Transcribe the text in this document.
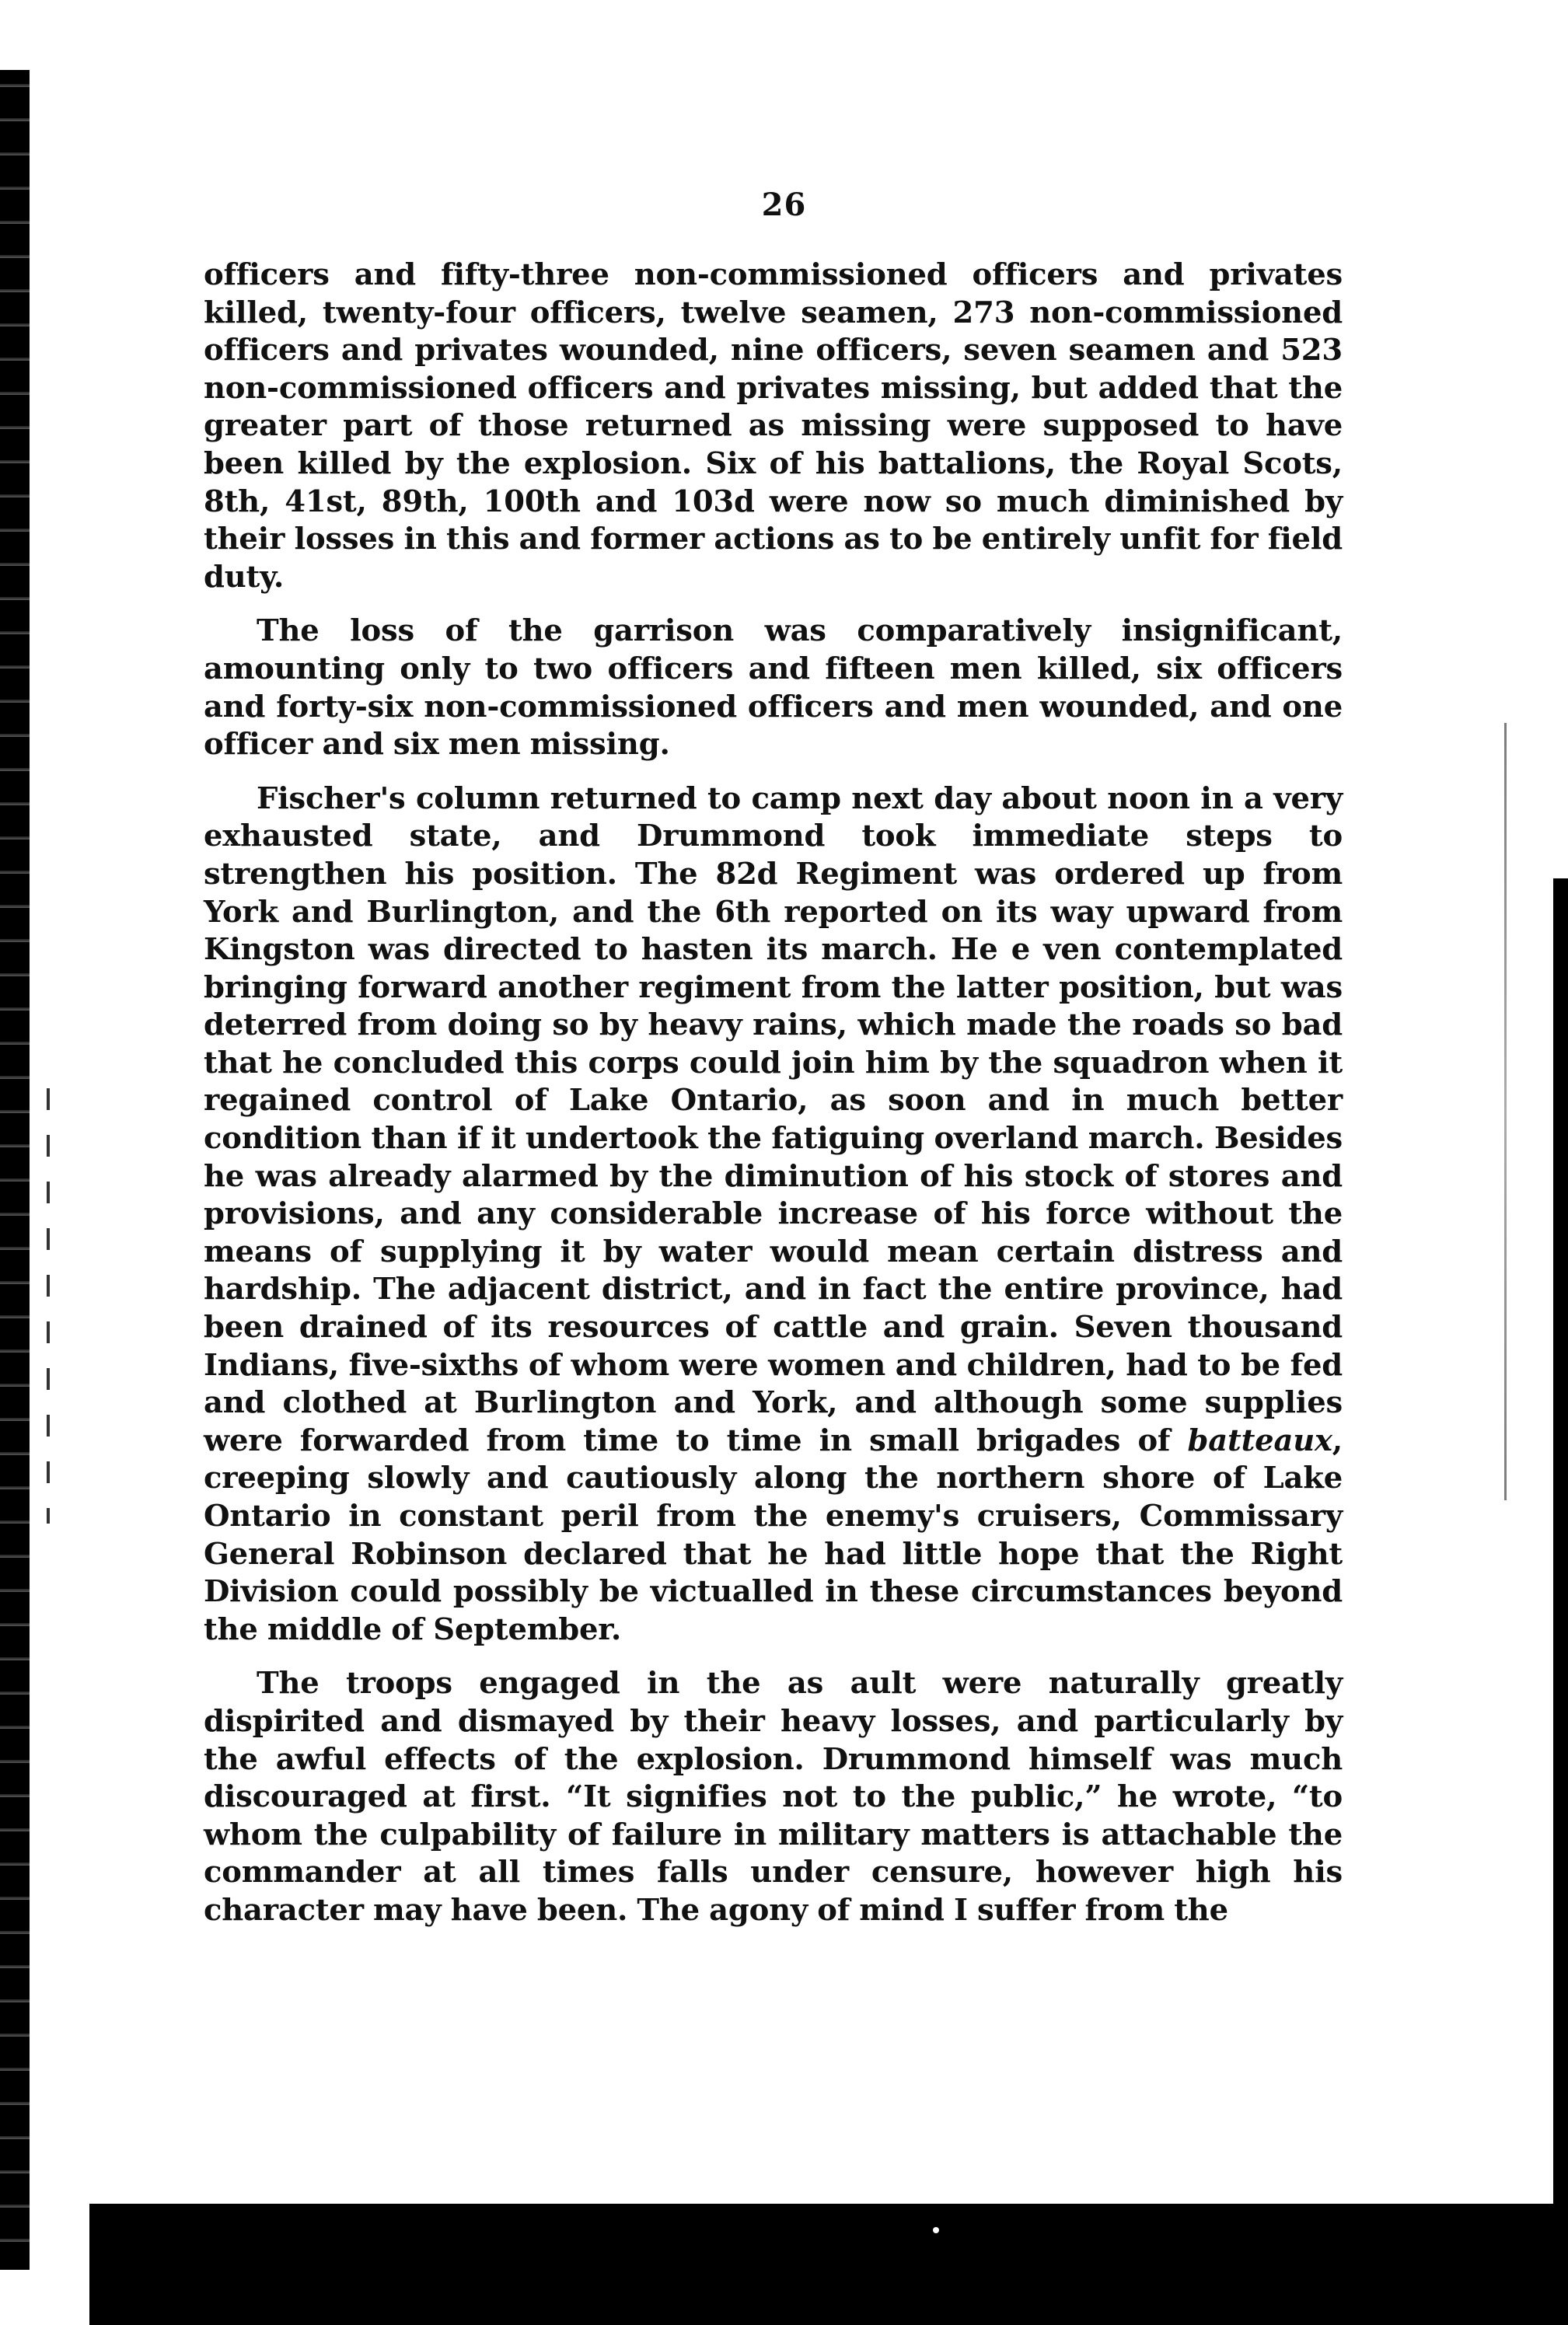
26

officers and fifty-three non-commissioned officers and privates killed, twenty-four officers, twelve seamen, 273 non-commissioned officers and privates wounded, nine officers, seven seamen and 523 non-commissioned officers and privates missing, but added that the greater part of those returned as missing were supposed to have been killed by the explosion. Six of his battalions, the Royal Scots, 8th, 41st, 89th, 100th and 103d were now so much diminished by their losses in this and former actions as to be entirely unfit for field duty.

The loss of the garrison was comparatively insignificant, amounting only to two officers and fifteen men killed, six officers and forty-six non-commissioned officers and men wounded, and one officer and six men missing.

Fischer's column returned to camp next day about noon in a very exhausted state, and Drummond took immediate steps to strengthen his position. The 82d Regiment was ordered up from York and Burlington, and the 6th reported on its way upward from Kingston was directed to hasten its march. He e ven contemplated bringing forward another regiment from the latter position, but was deterred from doing so by heavy rains, which made the roads so bad that he concluded this corps could join him by the squadron when it regained control of Lake Ontario, as soon and in much better condition than if it undertook the fatiguing overland march. Besides he was already alarmed by the diminution of his stock of stores and provisions, and any considerable increase of his force without the means of supplying it by water would mean certain distress and hardship. The adjacent district, and in fact the entire province, had been drained of its resources of cattle and grain. Seven thousand Indians, five-sixths of whom were women and children, had to be fed and clothed at Burlington and York, and although some supplies were forwarded from time to time in small brigades of batteaux, creeping slowly and cautiously along the northern shore of Lake Ontario in constant peril from the enemy's cruisers, Commissary General Robinson declared that he had little hope that the Right Division could possibly be victualled in these circumstances beyond the middle of September.

The troops engaged in the as ault were naturally greatly dispirited and dismayed by their heavy losses, and particularly by the awful effects of the explosion. Drummond himself was much discouraged at first. “It signifies not to the public,” he wrote, “to whom the culpability of failure in military matters is attachable the commander at all times falls under censure, however high his character may have been. The agony of mind I suffer from the
